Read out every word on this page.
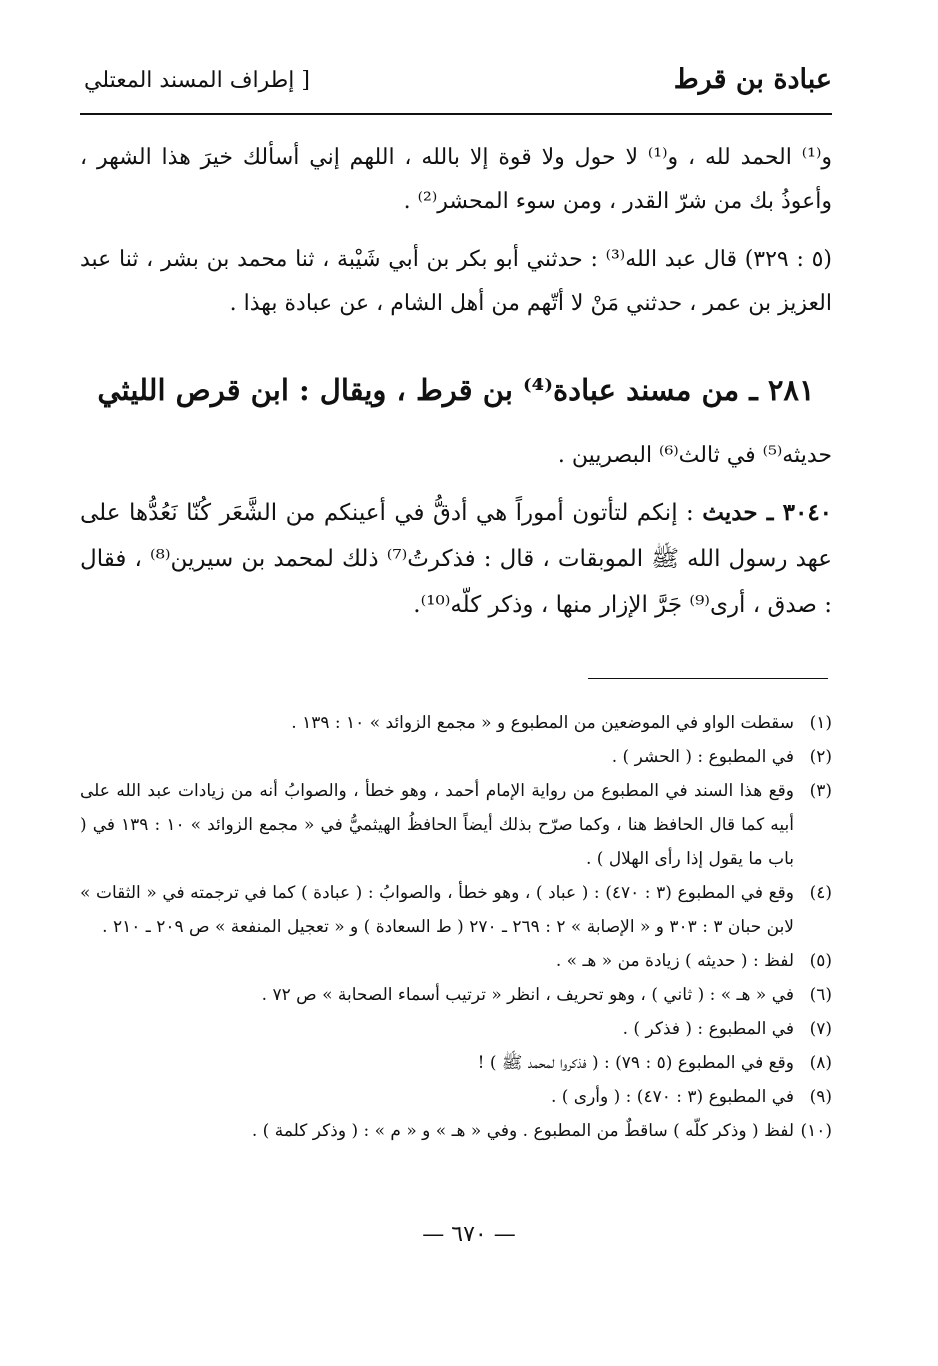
عبادة بن قرط
[ إطراف المسند المعتلي

و⁽¹⁾ الحمد لله ، و⁽¹⁾ لا حول ولا قوة إلا بالله ، اللهم إني أسألك خيرَ هذا الشهر ، وأعوذُ بك من شرّ القدر ، ومن سوء المحشر⁽²⁾ .

(٥ : ٣٢٩) قال عبد الله⁽³⁾ : حدثني أبو بكر بن أبي شَيْبة ، ثنا محمد بن بشر ، ثنا عبد العزيز بن عمر ، حدثني مَنْ لا أتّهم من أهل الشام ، عن عبادة بهذا .

٢٨١ ـ من مسند عبادة⁽⁴⁾ بن قرط ، ويقال : ابن قرص الليثي

حديثه⁽⁵⁾ في ثالث⁽⁶⁾ البصريين .

٣٠٤٠ ـ حديث : إنكم لتأتون أموراً هي أدقُّ في أعينكم من الشَّعَر كُنّا نَعُدُّها على عهد رسول الله ﷺ الموبقات ، قال : فذكرتُ⁽⁷⁾ ذلك لمحمد بن سيرين⁽⁸⁾ ، فقال : صدق ، أرى⁽⁹⁾ جَرَّ الإزار منها ، وذكر كلّه⁽¹⁰⁾.

(١)
سقطت الواو في الموضعين من المطبوع و « مجمع الزوائد » ١٠ : ١٣٩ .
(٢)
في المطبوع : ( الحشر ) .
(٣)
وقع هذا السند في المطبوع من رواية الإمام أحمد ، وهو خطأ ، والصوابُ أنه من زيادات عبد الله على أبيه كما قال الحافظ هنا ، وكما صرّح بذلك أيضاً الحافظُ الهيثميُّ في « مجمع الزوائد » ١٠ : ١٣٩ في ( باب ما يقول إذا رأى الهلال ) .
(٤)
وقع في المطبوع (٣ : ٤٧٠) : ( عباد ) ، وهو خطأ ، والصوابُ : ( عبادة ) كما في ترجمته في « الثقات » لابن حبان ٣ : ٣٠٣ و « الإصابة » ٢ : ٢٦٩ ـ ٢٧٠ ( ط السعادة ) و « تعجيل المنفعة » ص ٢٠٩ ـ ٢١٠ .
(٥)
لفظ : ( حديثه ) زيادة من « هـ » .
(٦)
في « هـ » : ( ثاني ) ، وهو تحريف ، انظر « ترتيب أسماء الصحابة » ص ٧٢ .
(٧)
في المطبوع : ( فذكر ) .
(٨)
وقع في المطبوع (٥ : ٧٩) : ( فذكروا لمحمد ﷺ ) !
(٩)
في المطبوع (٣ : ٤٧٠) : ( وأرى ) .
(١٠)
لفظ ( وذكر كلّه ) ساقطٌ من المطبوع . وفي « هـ » و « م » : ( وذكر كلمة ) .
— ٦٧٠ —
